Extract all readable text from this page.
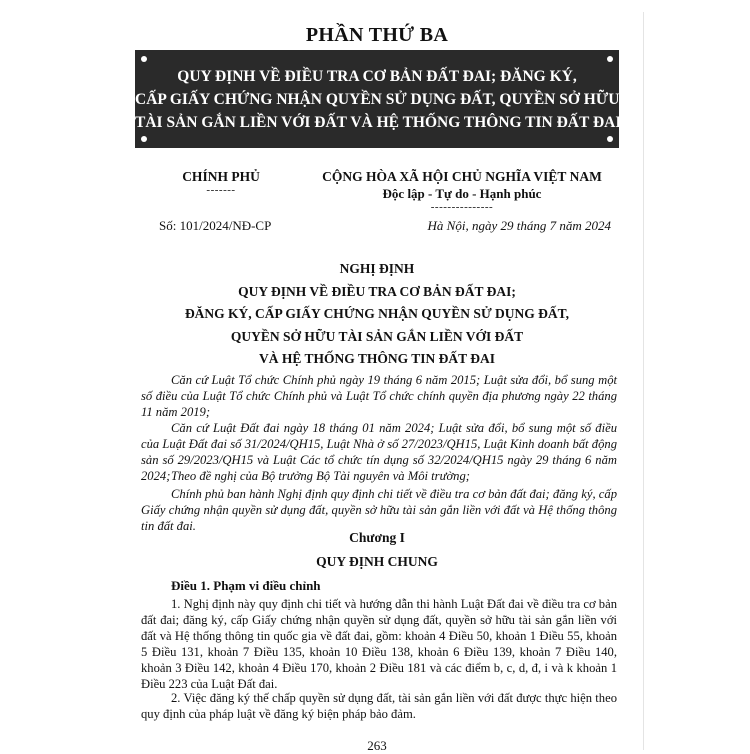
PHẦN THỨ BA
QUY ĐỊNH VỀ ĐIỀU TRA CƠ BẢN ĐẤT ĐAI; ĐĂNG KÝ,
CẤP GIẤY CHỨNG NHẬN QUYỀN SỬ DỤNG ĐẤT, QUYỀN SỞ HỮU
TÀI SẢN GẮN LIỀN VỚI ĐẤT VÀ HỆ THỐNG THÔNG TIN ĐẤT ĐAI
CHÍNH PHỦ
-------
CỘNG HÒA XÃ HỘI CHỦ NGHĨA VIỆT NAM
Độc lập - Tự do - Hạnh phúc
---------------
Số: 101/2024/NĐ-CP	Hà Nội, ngày 29 tháng 7 năm 2024
NGHỊ ĐỊNH
QUY ĐỊNH VỀ ĐIỀU TRA CƠ BẢN ĐẤT ĐAI;
ĐĂNG KÝ, CẤP GIẤY CHỨNG NHẬN QUYỀN SỬ DỤNG ĐẤT,
QUYỀN SỞ HỮU TÀI SẢN GẮN LIỀN VỚI ĐẤT
VÀ HỆ THỐNG THÔNG TIN ĐẤT ĐAI

Căn cứ Luật Tổ chức Chính phủ ngày 19 tháng 6 năm 2015; Luật sửa đổi, bổ sung một số điều của Luật Tổ chức Chính phủ và Luật Tổ chức chính quyền địa phương ngày 22 tháng 11 năm 2019;

Căn cứ Luật Đất đai ngày 18 tháng 01 năm 2024; Luật sửa đổi, bổ sung một số điều của Luật Đất đai số 31/2024/QH15, Luật Nhà ở số 27/2023/QH15, Luật Kinh doanh bất động sản số 29/2023/QH15 và Luật Các tổ chức tín dụng số 32/2024/QH15 ngày 29 tháng 6 năm 2024; Theo đề nghị của Bộ trưởng Bộ Tài nguyên và Môi trường;

Chính phủ ban hành Nghị định quy định chi tiết về điều tra cơ bản đất đai; đăng ký, cấp Giấy chứng nhận quyền sử dụng đất, quyền sở hữu tài sản gắn liền với đất và Hệ thống thông tin đất đai.

Chương I
QUY ĐỊNH CHUNG
Điều 1. Phạm vi điều chỉnh

1. Nghị định này quy định chi tiết và hướng dẫn thi hành Luật Đất đai về điều tra cơ bản đất đai; đăng ký, cấp Giấy chứng nhận quyền sử dụng đất, quyền sở hữu tài sản gắn liền với đất và Hệ thống thông tin quốc gia về đất đai, gồm: khoản 4 Điều 50, khoản 1 Điều 55, khoản 5 Điều 131, khoản 7 Điều 135, khoản 10 Điều 138, khoản 6 Điều 139, khoản 7 Điều 140, khoản 3 Điều 142, khoản 4 Điều 170, khoản 2 Điều 181 và các điểm b, c, d, đ, i và k khoản 1 Điều 223 của Luật Đất đai.

2. Việc đăng ký thế chấp quyền sử dụng đất, tài sản gắn liền với đất được thực hiện theo quy định của pháp luật về đăng ký biện pháp bảo đảm.

263
